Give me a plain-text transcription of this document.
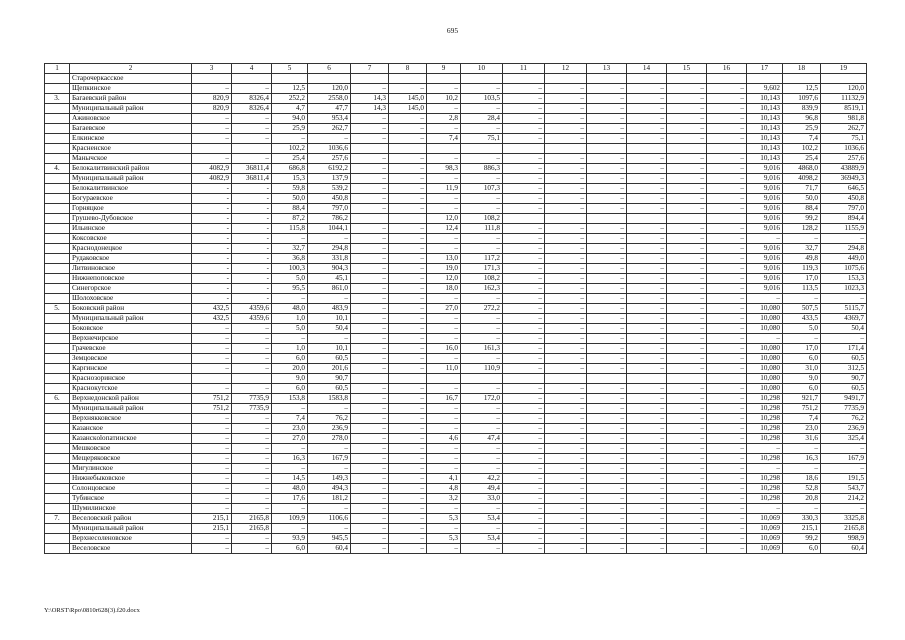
695
1	2	3	4	5	6	7	8	9	10	11	12	13	14	15	16	17	18	19
	Старочеркасское																	
	Щепкинское	–	–	12,5	120,0	–	–	–	–	–	–	–	–	–	–	9,602	12,5	120,0
3.	Багаевский район	820,9	8326,4	252,2	2558,0	14,3	145,0	10,2	103,5	–	–	–	–	–	–	10,143	1097,6	11132,9
	Муниципальный район	820,9	8326,4	4,7	47,7	14,3	145,0	–	–	–	–	–	–	–	–	10,143	839,9	8519,1
	Ажиновское	–	–	94,0	953,4	–	–	2,8	28,4	–	–	–	–	–	–	10,143	96,8	981,8
	Багаевское	–	–	25,9	262,7	–	–	–	–	–	–	–	–	–	–	10,143	25,9	262,7
	Елкинское	–	–	–	–	–	–	7,4	75,1	–	–	–	–	–	–	10,143	7,4	75,1
	Красненское			102,2	1036,6											10,143	102,2	1036,6
	Манычское	–	–	25,4	257,6	–	–	–	–	–	–	–	–	–	–	10,143	25,4	257,6
4.	Белокалитвинский район	4082,9	36811,4	686,8	6192,2	–	–	98,3	886,3	–	–	–	–	–	–	9,016	4868,0	43889,9
	Муниципальный район	4082,9	36811,4	15,3	137,9	–	–	–	–	–	–	–	–	–	–	9,016	4098,2	36949,3
	Белокалитвинское	-	-	59,8	539,2	–	–	11,9	107,3	–	–	–	–	–	–	9,016	71,7	646,5
	Богураевское	-	-	50,0	450,8	–	–	–	–	–	–	–	–	–	–	9,016	50,0	450,8
	Горняцкое	-	-	88,4	797,0	–	–	–	–	–	–	–	–	–	–	9,016	88,4	797,0
	Грушево-Дубовское	-	-	87,2	786,2			12,0	108,2							9,016	99,2	894,4
	Ильинское	-	-	115,8	1044,1	–	–	12,4	111,8	–	–	–	–	–	–	9,016	128,2	1155,9
	Коксовское	-	-	–	–	–	–	–	–	–	–	–	–	–	–	–	–	–
	Краснодонецкое	-	-	32,7	294,8	–	–	–	–	–	–	–	–	–	–	9,016	32,7	294,8
	Рудаковское	-	-	36,8	331,8	–	–	13,0	117,2	–	–	–	–	–	–	9,016	49,8	449,0
	Литвиновское	-	-	100,3	904,3	–	–	19,0	171,3	–	–	–	–	–	–	9,016	119,3	1075,6
	Нижнепоповское	-	-	5,0	45,1	–	–	12,0	108,2	–	–	–	–	–	–	9,016	17,0	153,3
	Синегорское	-	-	95,5	861,0	–	–	18,0	162,3	–	–	–	–	–	–	9,016	113,5	1023,3
	Шолоховское	-	-	–	–	–	–	–	–	–	–	–	–	–	–	–	–	–
5.	Боковский район	432,5	4359,6	48,0	483,9	–	–	27,0	272,2	–	–	–	–	–	–	10,080	507,5	5115,7
	Муниципальный район	432,5	4359,6	1,0	10,1	–	–	–	–	–	–	–	–	–	–	10,080	433,5	4369,7
	Боковское	–	–	5,0	50,4	–	–	–	–	–	–	–	–	–	–	10,080	5,0	50,4
	Верхнечирское	–	–	–	–	–	–	–	–	–	–	–	–	–	–	–	–	–
	Грачевское	–	–	1,0	10,1	–	–	16,0	161,3	–	–	–	–	–	–	10,080	17,0	171,4
	Земцовское	–	–	6,0	60,5	–	–	–	–	–	–	–	–	–	–	10,080	6,0	60,5
	Каргинское	–	–	20,0	201,6	–	–	11,0	110,9	–	–	–	–	–	–	10,080	31,0	312,5
	Краснозоринское			9,0	90,7											10,080	9,0	90,7
	Краснокутское	–	–	6,0	60,5	–	–	–	–	–	–	–	–	–	–	10,080	6,0	60,5
6.	Верхнедонской район	751,2	7735,9	153,8	1583,8	–	–	16,7	172,0	–	–	–	–	–	–	10,298	921,7	9491,7
	Муниципальный район	751,2	7735,9	–	–	–	–	–	–	–	–	–	–	–	–	10,298	751,2	7735,9
	Верхнякковское	–	–	7,4	76,2	–	–	–	–	–	–	–	–	–	–	10,298	7,4	76,2
	Казанское	–	–	23,0	236,9	–	–	–	–	–	–	–	–	–	–	10,298	23,0	236,9
	Казанскolопатинское	–	–	27,0	278,0	–	–	4,6	47,4	–	–	–	–	–	–	10,298	31,6	325,4
	Мешковское	–	–	–	–	–	–	–	–	–	–	–	–	–	–	–	–	–
	Мещеряковское	–	–	16,3	167,9	–	–	–	–	–	–	–	–	–	–	10,298	16,3	167,9
	Мигулинское	–	–	–	–	–	–	–	–	–	–	–	–	–	–	–	–	–
	Нижнебыковское	–	–	14,5	149,3	–	–	4,1	42,2	–	–	–	–	–	–	10,298	18,6	191,5
	Солонцовское	–	–	48,0	494,3	–	–	4,8	49,4	–	–	–	–	–	–	10,298	52,8	543,7
	Тубинское	–	–	17,6	181,2	–	–	3,2	33,0	–	–	–	–	–	–	10,298	20,8	214,2
	Шумилинское	–	–	–	–	–	–	–	–	–	–	–	–	–	–	–	–	–
7.	Веселовский район	215,1	2165,8	109,9	1106,6	–	–	5,3	53,4	–	–	–	–	–	–	10,069	330,3	3325,8
	Муниципальный район	215,1	2165,8	–	–	–	–	–	–	–	–	–	–	–	–	10,069	215,1	2165,8
	Верхнесоленовское	–	–	93,9	945,5	–	–	5,3	53,4	–	–	–	–	–	–	10,069	99,2	998,9
	Веселовское	–	–	6,0	60,4	–	–	–	–	–	–	–	–	–	–	10,069	6,0	60,4
Y:\ORST\Rpo\0810r628(3).f20.docx
